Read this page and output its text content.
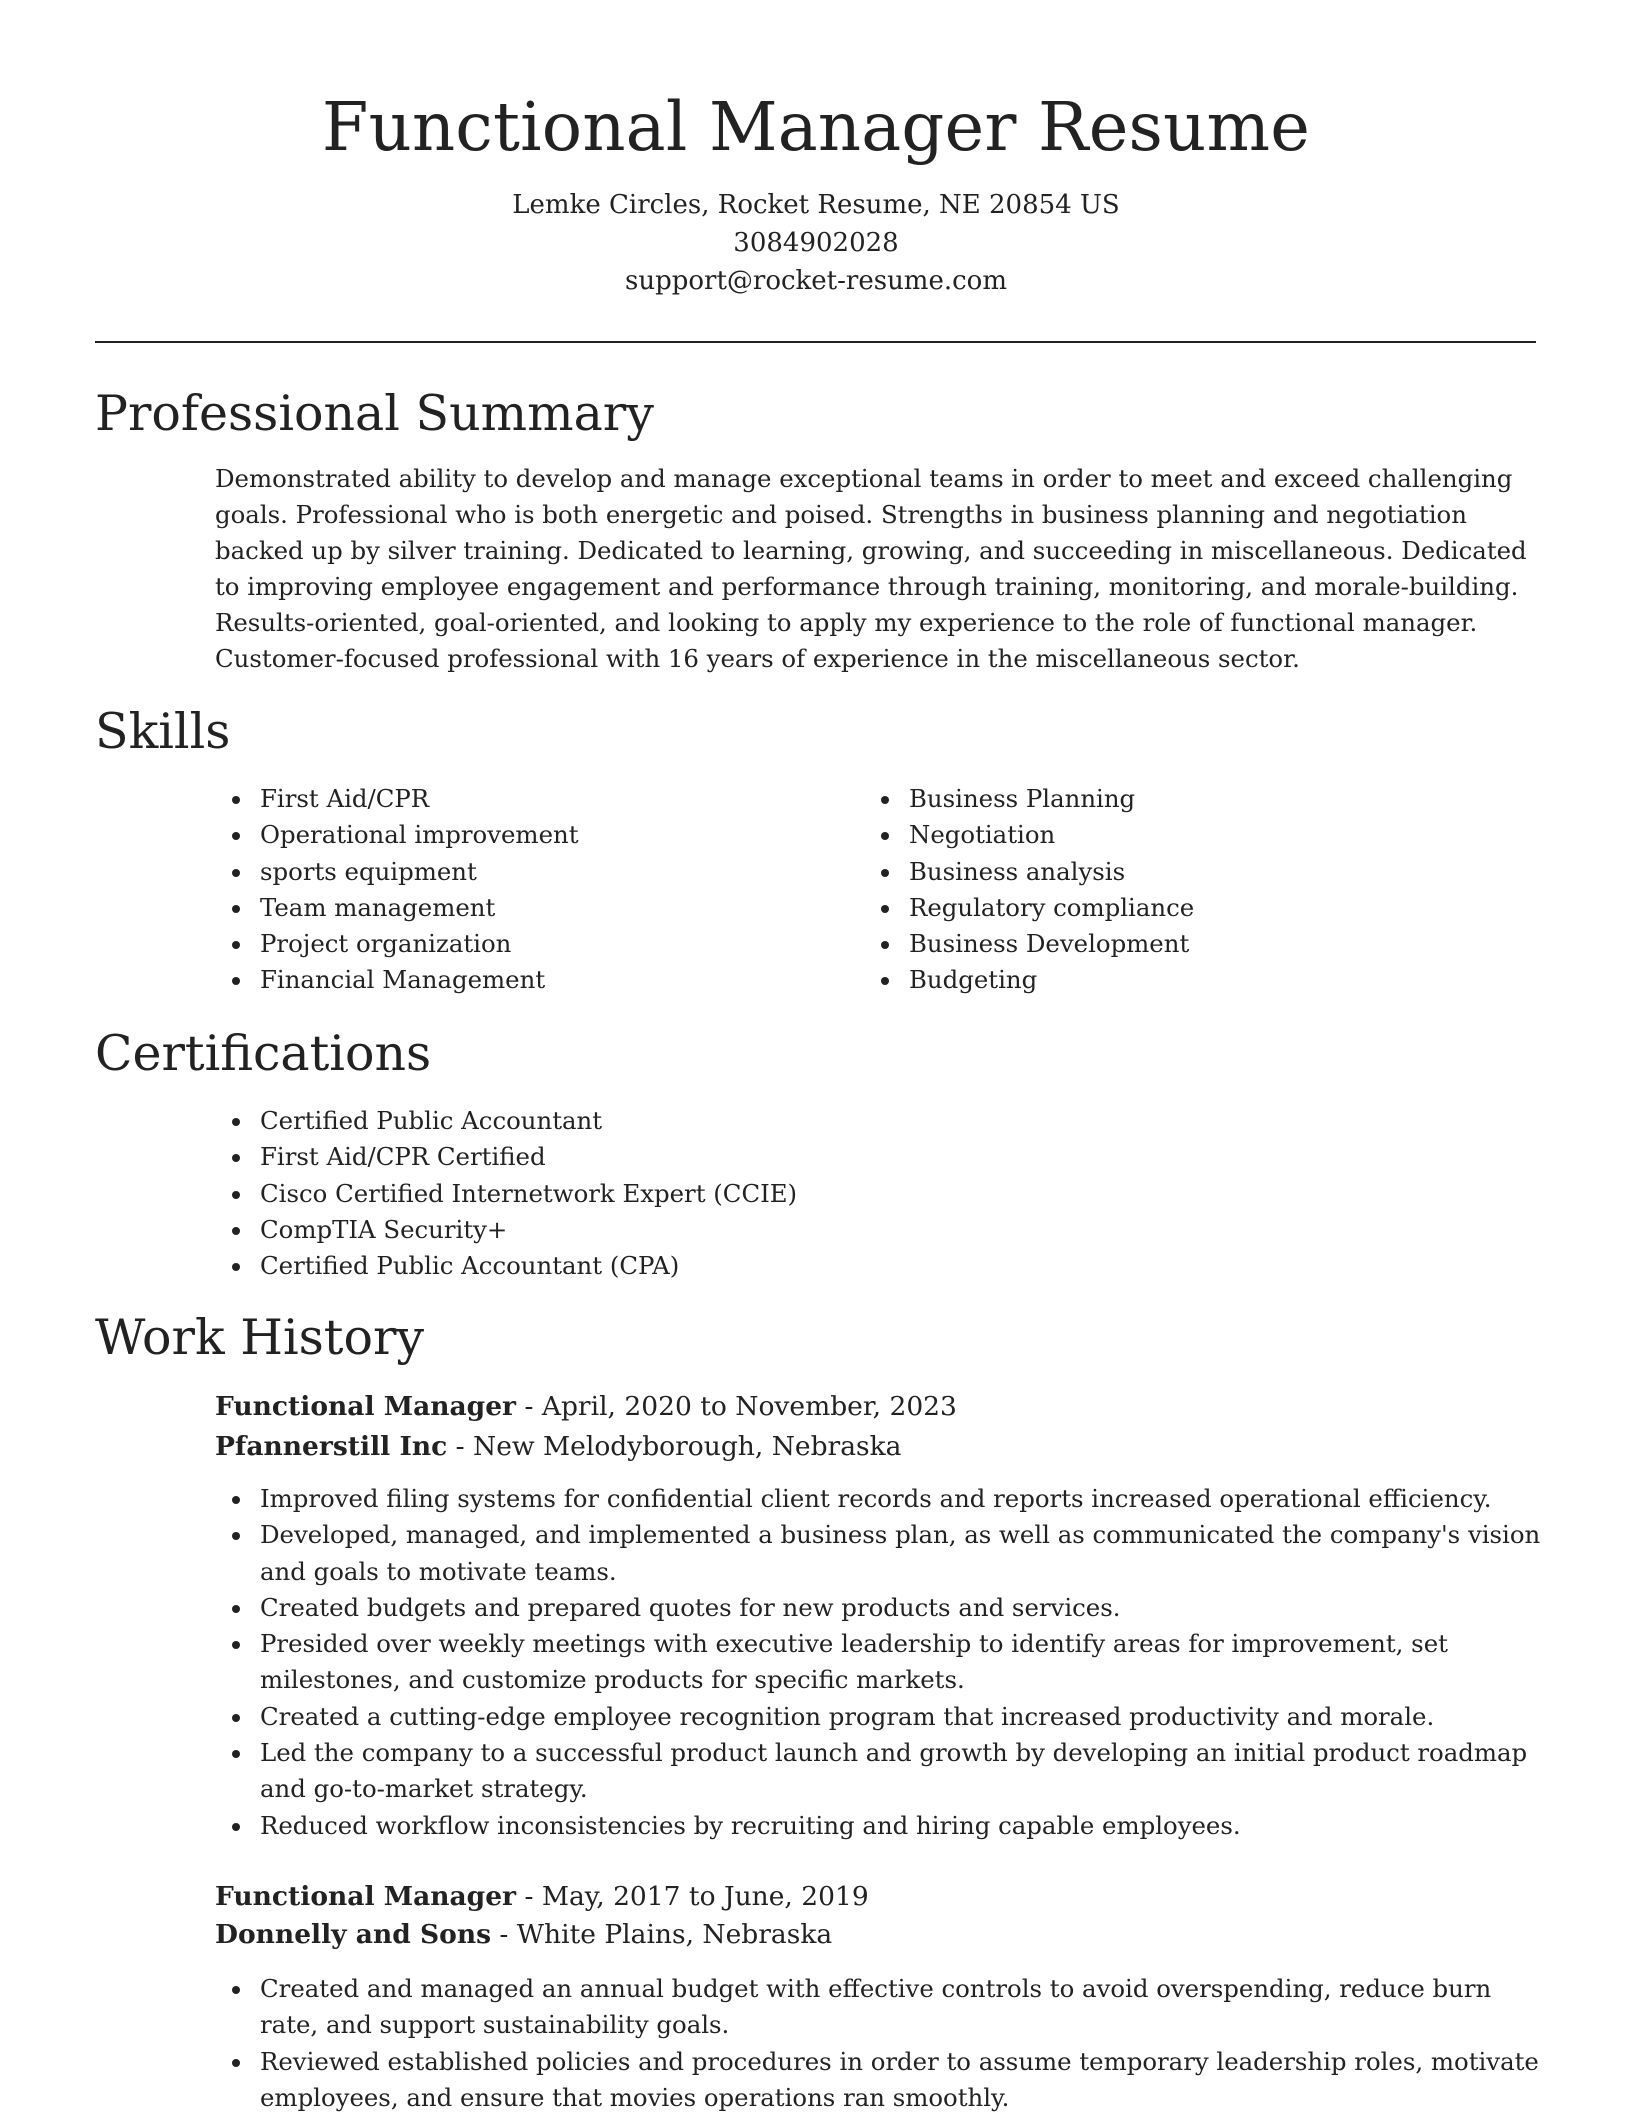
Functional Manager Resume
Lemke Circles, Rocket Resume, NE 20854 US
3084902028
support@rocket-resume.com
Professional Summary

Demonstrated ability to develop and manage exceptional teams in order to meet and exceed challenging goals. Professional who is both energetic and poised. Strengths in business planning and negotiation backed up by silver training. Dedicated to learning, growing, and succeeding in miscellaneous. Dedicated to improving employee engagement and performance through training, monitoring, and morale-building. Results-oriented, goal-oriented, and looking to apply my experience to the role of functional manager. Customer-focused professional with 16 years of experience in the miscellaneous sector.

Skills
First Aid/CPR
Operational improvement
sports equipment
Team management
Project organization
Financial Management
Business Planning
Negotiation
Business analysis
Regulatory compliance
Business Development
Budgeting
Certifications
Certified Public Accountant
First Aid/CPR Certified
Cisco Certified Internetwork Expert (CCIE)
CompTIA Security+
Certified Public Accountant (CPA)
Work History
Functional Manager - April, 2020 to November, 2023
Pfannerstill Inc - New Melodyborough, Nebraska
Improved filing systems for confidential client records and reports increased operational efficiency.
Developed, managed, and implemented a business plan, as well as communicated the company's vision and goals to motivate teams.
Created budgets and prepared quotes for new products and services.
Presided over weekly meetings with executive leadership to identify areas for improvement, set milestones, and customize products for specific markets.
Created a cutting-edge employee recognition program that increased productivity and morale.
Led the company to a successful product launch and growth by developing an initial product roadmap and go-to-market strategy.
Reduced workflow inconsistencies by recruiting and hiring capable employees.
Functional Manager - May, 2017 to June, 2019
Donnelly and Sons - White Plains, Nebraska
Created and managed an annual budget with effective controls to avoid overspending, reduce burn rate, and support sustainability goals.
Reviewed established policies and procedures in order to assume temporary leadership roles, motivate employees, and ensure that movies operations ran smoothly.
